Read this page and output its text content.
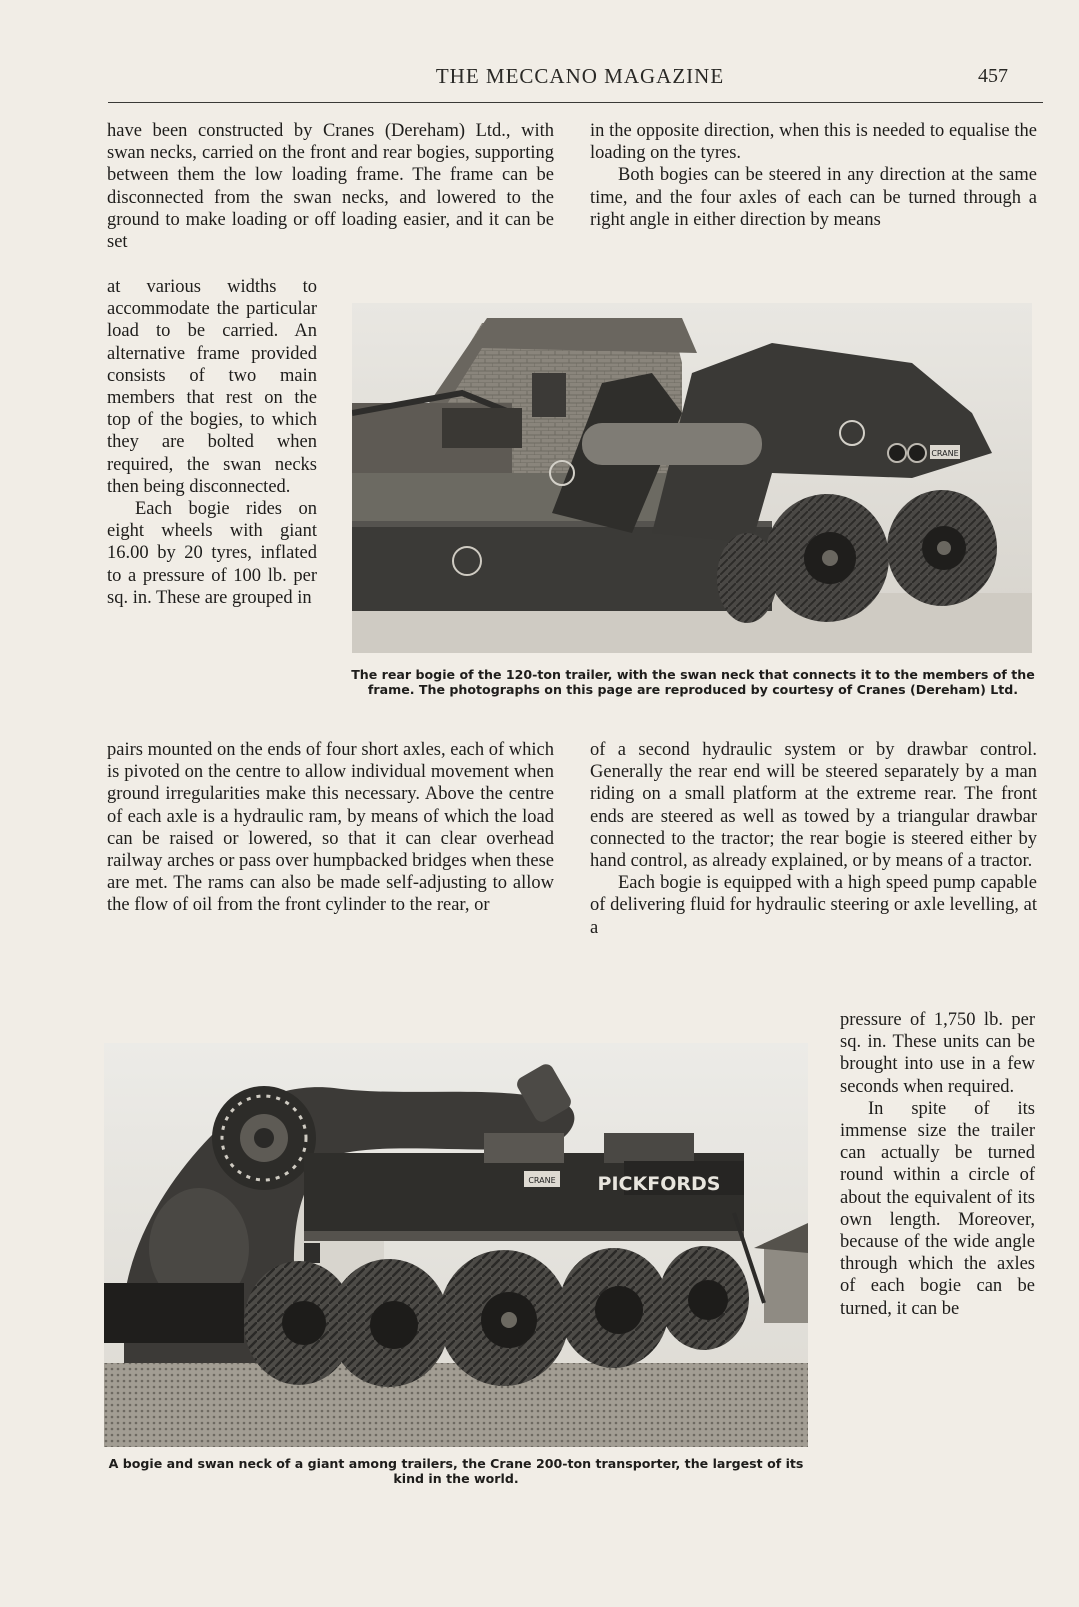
THE MECCANO MAGAZINE	457

have been constructed by Cranes (Dereham) Ltd., with swan necks, carried on the front and rear bogies, supporting between them the low loading frame. The frame can be disconnected from the swan necks, and lowered to the ground to make loading or off loading easier, and it can be set

in the opposite direction, when this is needed to equalise the loading on the tyres.

Both bogies can be steered in any direction at the same time, and the four axles of each can be turned through a right angle in either direction by means

at various widths to accommodate the particular load to be carried. An alternative frame provided consists of two main members that rest on the top of the bogies, to which they are bolted when required, the swan necks then being disconnected.

Each bogie rides on eight wheels with giant 16.00 by 20 tyres, inflated to a pressure of 100 lb. per sq. in. These are grouped in

CRANE
The rear bogie of the 120-ton trailer, with the swan neck that connects it to the members of the frame. The photographs on this page are reproduced by courtesy of Cranes (Dereham) Ltd.

pairs mounted on the ends of four short axles, each of which is pivoted on the centre to allow individual movement when ground irregularities make this necessary. Above the centre of each axle is a hydraulic ram, by means of which the load can be raised or lowered, so that it can clear overhead railway arches or pass over humpbacked bridges when these are met. The rams can also be made self-adjusting to allow the flow of oil from the front cylinder to the rear, or

of a second hydraulic system or by drawbar control. Generally the rear end will be steered separately by a man riding on a small platform at the extreme rear. The front ends are steered as well as towed by a triangular drawbar connected to the tractor; the rear bogie is steered either by hand control, as already explained, or by means of a tractor.

Each bogie is equipped with a high speed pump capable of delivering fluid for hydraulic steering or axle levelling, at a

CRANE PICKFORDS
A bogie and swan neck of a giant among trailers, the Crane 200-ton transporter, the largest of its kind in the world.

pressure of 1,750 lb. per sq. in. These units can be brought into use in a few seconds when required.

In spite of its immense size the trailer can actually be turned round within a circle of about the equivalent of its own length. Moreover, because of the wide angle through which the axles of each bogie can be turned, it can be
